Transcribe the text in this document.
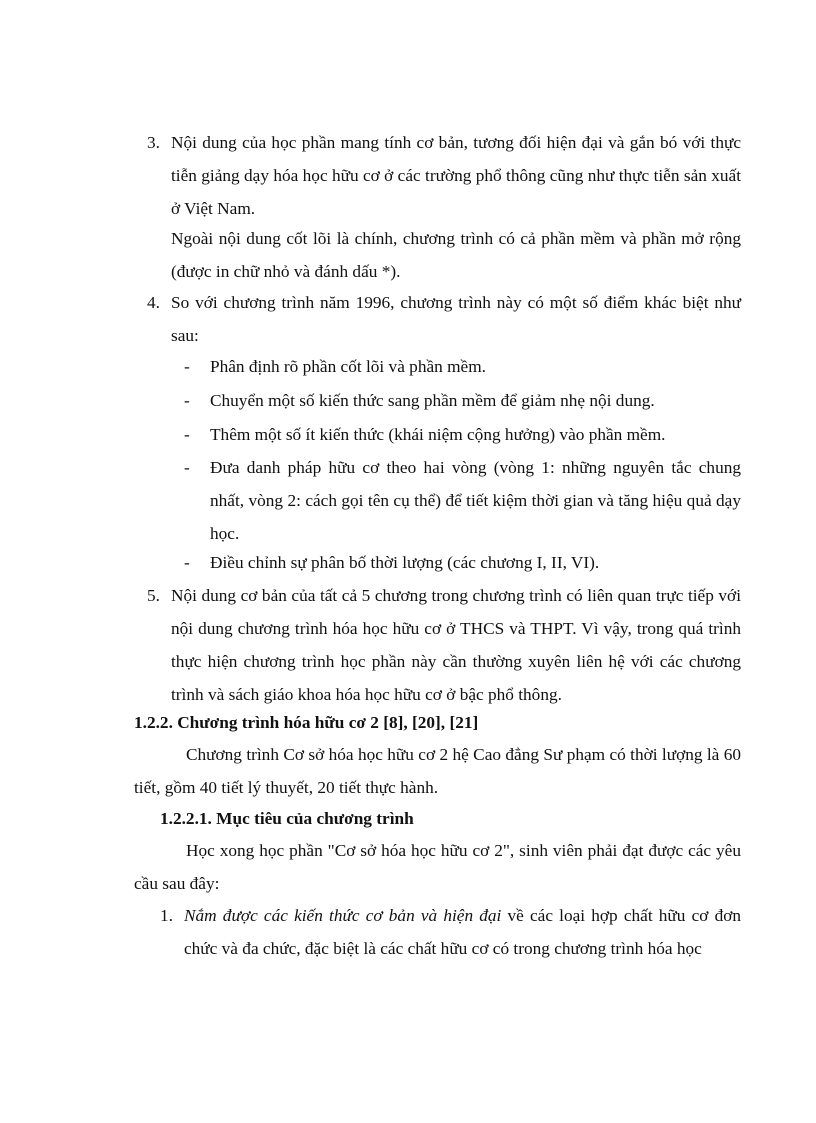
3. Nội dung của học phần mang tính cơ bản, tương đối hiện đại và gắn bó với thực tiễn giảng dạy hóa học hữu cơ ở các trường phổ thông cũng như thực tiễn sản xuất ở Việt Nam.

Ngoài nội dung cốt lõi là chính, chương trình có cả phần mềm và phần mở rộng (được in chữ nhỏ và đánh dấu *).

4. So với chương trình năm 1996, chương trình này có một số điểm khác biệt như sau:

-	Phân định rõ phần cốt lõi và phần mềm.

-	Chuyển một số kiến thức sang phần mềm để giảm nhẹ nội dung.

-	Thêm một số ít kiến thức (khái niệm cộng hưởng) vào phần mềm.

-	Đưa danh pháp hữu cơ theo hai vòng (vòng 1: những nguyên tắc chung nhất, vòng 2: cách gọi tên cụ thể) để tiết kiệm thời gian và tăng hiệu quả dạy học.

-	Điều chỉnh sự phân bố thời lượng (các chương I, II, VI).

5. Nội dung cơ bản của tất cả 5 chương trong chương trình có liên quan trực tiếp với nội dung chương trình hóa học hữu cơ ở THCS và THPT. Vì vậy, trong quá trình thực hiện chương trình học phần này cần thường xuyên liên hệ với các chương trình và sách giáo khoa hóa học hữu cơ ở bậc phổ thông.

1.2.2. Chương trình hóa hữu cơ 2 [8], [20], [21]

Chương trình Cơ sở hóa học hữu cơ 2 hệ Cao đẳng Sư phạm có thời lượng là 60 tiết, gồm 40 tiết lý thuyết, 20 tiết thực hành.

1.2.2.1. Mục tiêu của chương trình

Học xong học phần "Cơ sở hóa học hữu cơ 2", sinh viên phải đạt được các yêu cầu sau đây:

1. Nắm được các kiến thức cơ bản và hiện đại về các loại hợp chất hữu cơ đơn chức và đa chức, đặc biệt là các chất hữu cơ có trong chương trình hóa học
